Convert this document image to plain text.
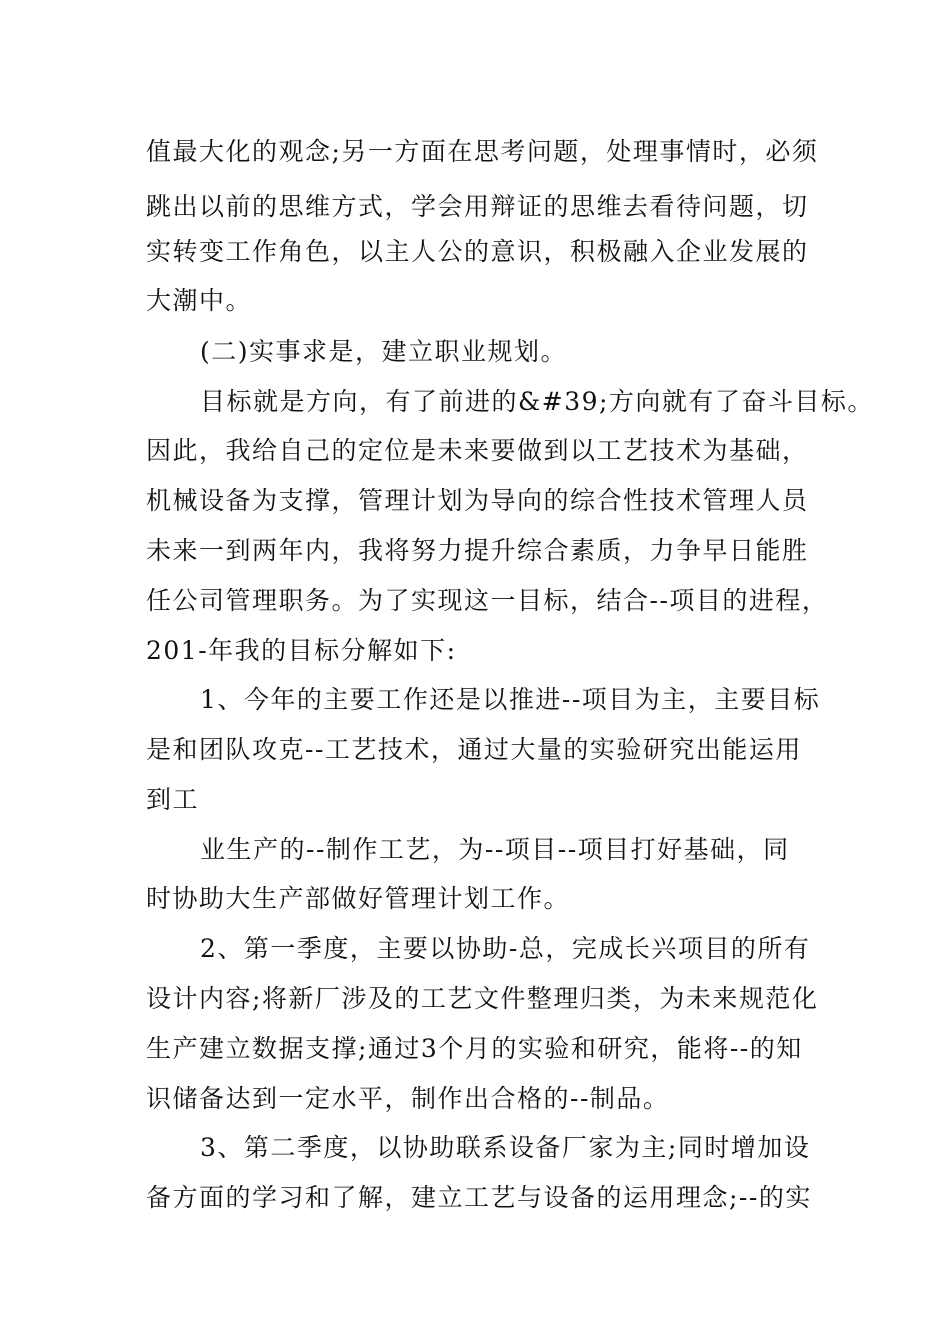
值最大化的观念;另一方面在思考问题，处理事情时，必须
跳出以前的思维方式，学会用辩证的思维去看待问题，切
实转变工作角色，以主人公的意识，积极融入企业发展的
大潮中。
(二)实事求是，建立职业规划。
目标就是方向，有了前进的&#39;方向就有了奋斗目标。
因此，我给自己的定位是未来要做到以工艺技术为基础，
机械设备为支撑，管理计划为导向的综合性技术管理人员
未来一到两年内，我将努力提升综合素质，力争早日能胜
任公司管理职务。为了实现这一目标，结合--项目的进程，
201-年我的目标分解如下:
1、今年的主要工作还是以推进--项目为主，主要目标
是和团队攻克--工艺技术，通过大量的实验研究出能运用
到工
业生产的--制作工艺，为--项目--项目打好基础，同
时协助大生产部做好管理计划工作。
2、第一季度，主要以协助-总，完成长兴项目的所有
设计内容;将新厂涉及的工艺文件整理归类，为未来规范化
生产建立数据支撑;通过3个月的实验和研究，能将--的知
识储备达到一定水平，制作出合格的--制品。
3、第二季度，以协助联系设备厂家为主;同时增加设
备方面的学习和了解，建立工艺与设备的运用理念;--的实
